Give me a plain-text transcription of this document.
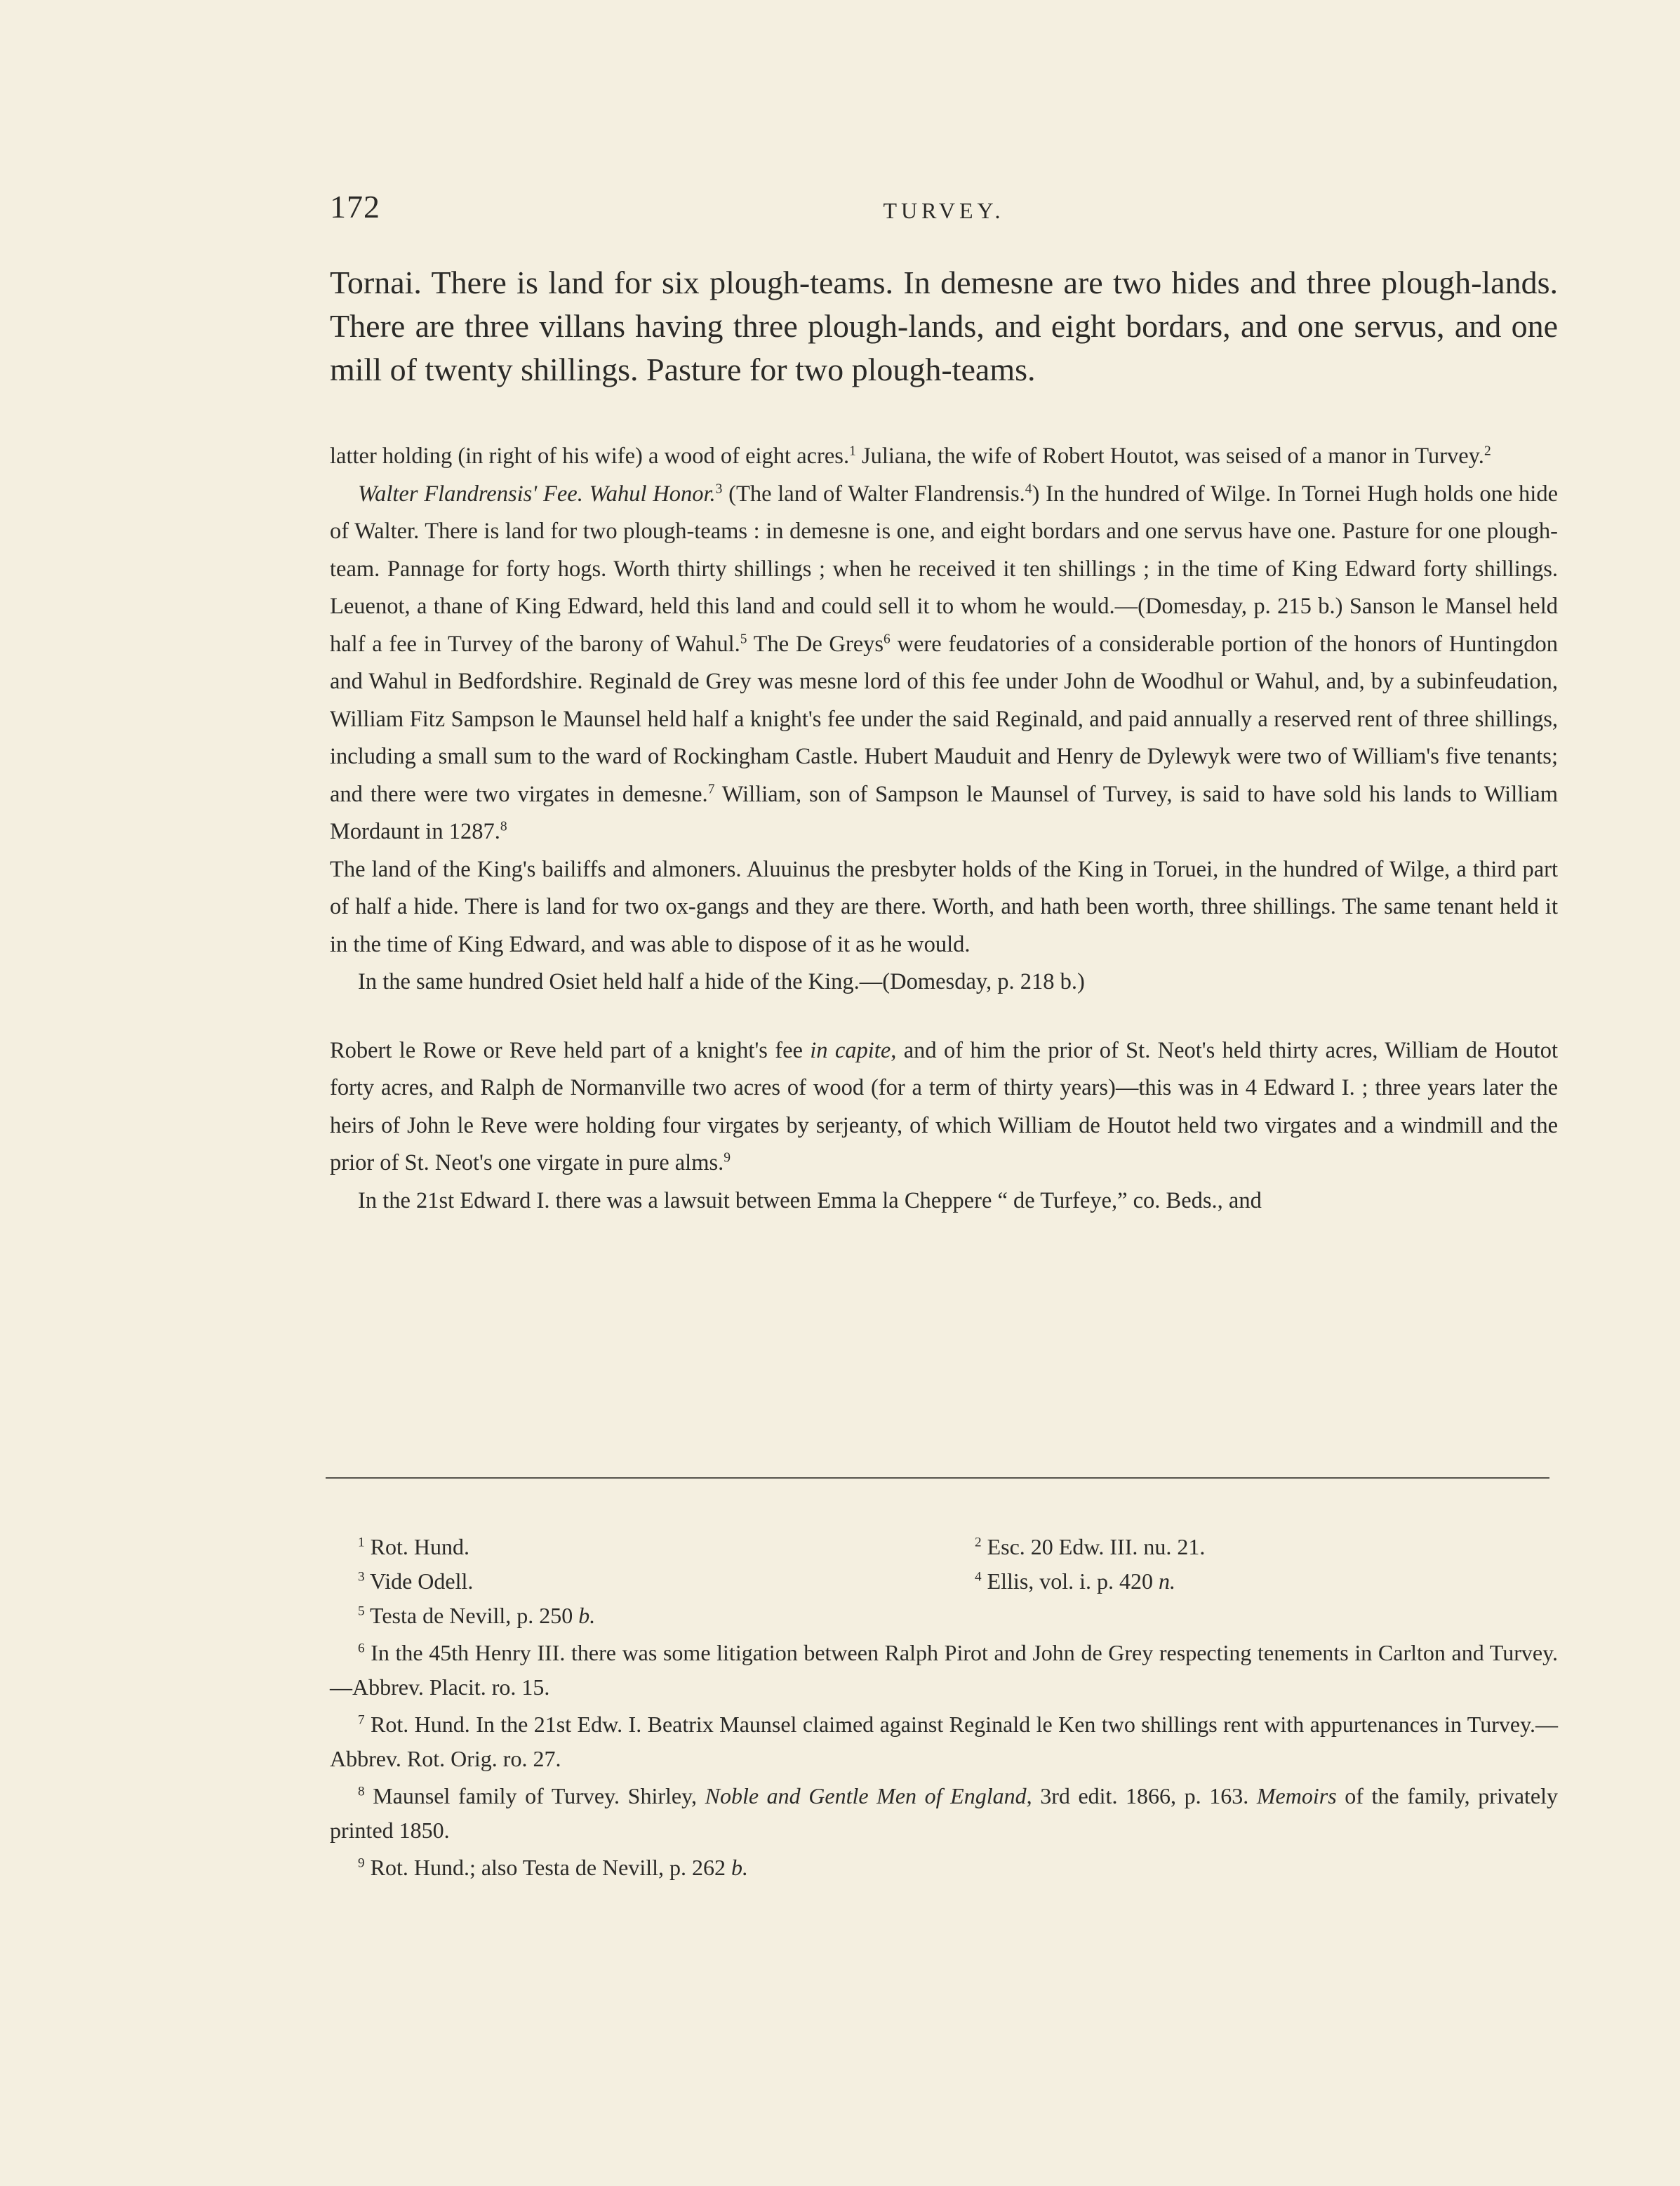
172	TURVEY.
Tornai. There is land for six plough-teams. In demesne are two hides and three plough-lands. There are three villans having three plough-lands, and eight bordars, and one servus, and one mill of twenty shillings. Pasture for two plough-teams.

latter holding (in right of his wife) a wood of eight acres.$^1$ Juliana, the wife of Robert Houtot, was seised of a manor in Turvey.$^2$

Walter Flandrensis' Fee. Wahul Honor.$^3$ (The land of Walter Flandrensis.$^4$) In the hundred of Wilge. In Tornei Hugh holds one hide of Walter. There is land for two plough-teams : in demesne is one, and eight bordars and one servus have one. Pasture for one plough-team. Pannage for forty hogs. Worth thirty shillings ; when he received it ten shillings ; in the time of King Edward forty shillings. Leuenot, a thane of King Edward, held this land and could sell it to whom he would.—(Domesday, p. 215 b.) Sanson le Mansel held half a fee in Turvey of the barony of Wahul.$^5$ The De Greys$^6$ were feudatories of a considerable portion of the honors of Huntingdon and Wahul in Bedfordshire. Reginald de Grey was mesne lord of this fee under John de Woodhul or Wahul, and, by a subinfeudation, William Fitz Sampson le Maunsel held half a knight's fee under the said Reginald, and paid annually a reserved rent of three shillings, including a small sum to the ward of Rockingham Castle. Hubert Mauduit and Henry de Dylewyk were two of William's five tenants; and there were two virgates in demesne.$^7$ William, son of Sampson le Maunsel of Turvey, is said to have sold his lands to William Mordaunt in 1287.$^8$

The land of the King's bailiffs and almoners. Aluuinus the presbyter holds of the King in Toruei, in the hundred of Wilge, a third part of half a hide. There is land for two ox-gangs and they are there. Worth, and hath been worth, three shillings. The same tenant held it in the time of King Edward, and was able to dispose of it as he would.

In the same hundred Osiet held half a hide of the King.—(Domesday, p. 218 b.)

Robert le Rowe or Reve held part of a knight's fee in capite, and of him the prior of St. Neot's held thirty acres, William de Houtot forty acres, and Ralph de Normanville two acres of wood (for a term of thirty years)—this was in 4 Edward I. ; three years later the heirs of John le Reve were holding four virgates by serjeanty, of which William de Houtot held two virgates and a windmill and the prior of St. Neot's one virgate in pure alms.$^9$

In the 21st Edward I. there was a lawsuit between Emma la Cheppere “ de Turfeye,” co. Beds., and

$^1$ Rot. Hund.	$^2$ Esc. 20 Edw. III. nu. 21.
$^3$ Vide Odell.	$^4$ Ellis, vol. i. p. 420 n.

$^5$ Testa de Nevill, p. 250 b.

$^6$ In the 45th Henry III. there was some litigation between Ralph Pirot and John de Grey respecting tenements in Carlton and Turvey.—Abbrev. Placit. ro. 15.

$^7$ Rot. Hund. In the 21st Edw. I. Beatrix Maunsel claimed against Reginald le Ken two shillings rent with appurtenances in Turvey.—Abbrev. Rot. Orig. ro. 27.

$^8$ Maunsel family of Turvey. Shirley, Noble and Gentle Men of England, 3rd edit. 1866, p. 163. Memoirs of the family, privately printed 1850.

$^9$ Rot. Hund.; also Testa de Nevill, p. 262 b.
